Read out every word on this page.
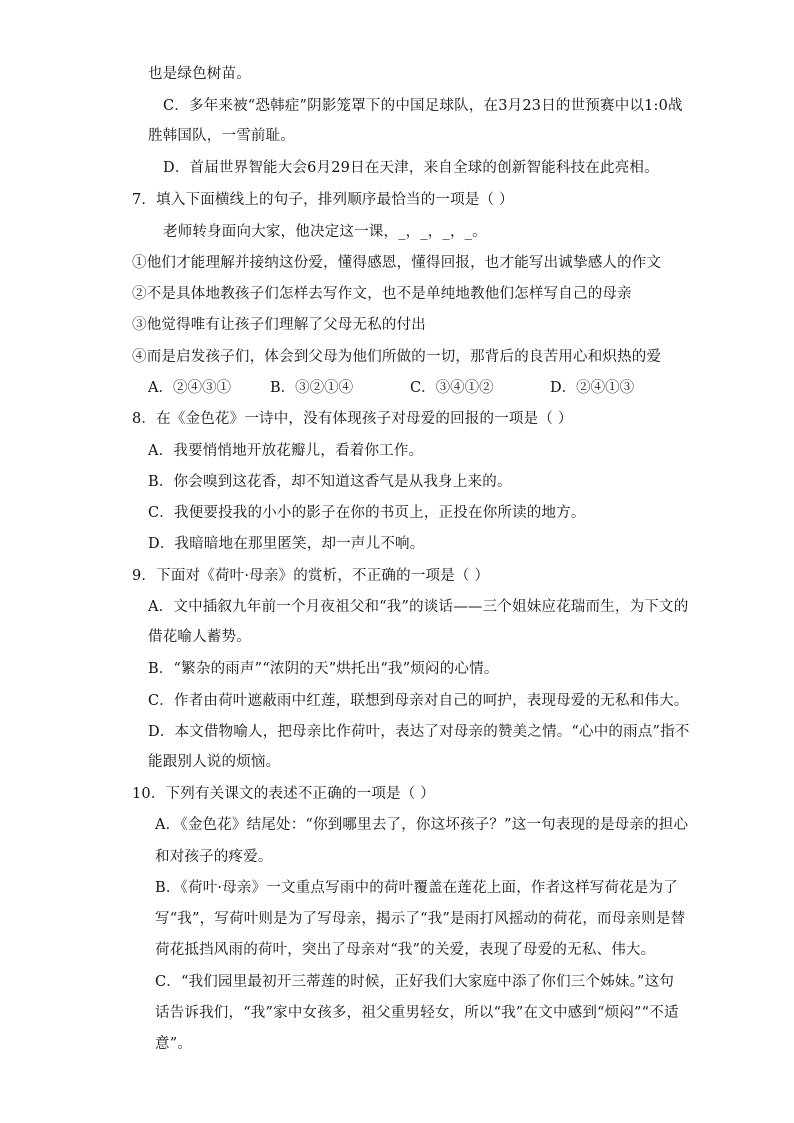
也是绿色树苗。
C．多年来被“恐韩症”阴影笼罩下的中国足球队，在3月23日的世预赛中以1:0战
胜韩国队，一雪前耻。
D．首届世界智能大会6月29日在天津，来自全球的创新智能科技在此亮相。
7．填入下面横线上的句子，排列顺序最恰当的一项是（ ）
老师转身面向大家，他决定这一课，_，_，_，_。
①他们才能理解并接纳这份爱，懂得感恩，懂得回报，也才能写出诚挚感人的作文
②不是具体地教孩子们怎样去写作文，也不是单纯地教他们怎样写自己的母亲
③他觉得唯有让孩子们理解了父母无私的付出
④而是启发孩子们，体会到父母为他们所做的一切，那背后的良苦用心和炽热的爱
A．②④③①	B．③②①④	C．③④①②	D．②④①③
8．在《金色花》一诗中，没有体现孩子对母爱的回报的一项是（ ）
A．我要悄悄地开放花瓣儿，看着你工作。
B．你会嗅到这花香，却不知道这香气是从我身上来的。
C．我便要投我的小小的影子在你的书页上，正投在你所读的地方。
D．我暗暗地在那里匿笑，却一声儿不响。
9．下面对《荷叶·母亲》的赏析，不正确的一项是（ ）
A．文中插叙九年前一个月夜祖父和“我”的谈话——三个姐妹应花瑞而生，为下文的
借花喻人蓄势。
B．“繁杂的雨声”“浓阴的天”烘托出“我”烦闷的心情。
C．作者由荷叶遮蔽雨中红莲，联想到母亲对自己的呵护，表现母爱的无私和伟大。
D．本文借物喻人，把母亲比作荷叶，表达了对母亲的赞美之情。“心中的雨点”指不
能跟别人说的烦恼。
10．下列有关课文的表述不正确的一项是（ ）
A．《金色花》结尾处：“你到哪里去了，你这坏孩子？”这一句表现的是母亲的担心
和对孩子的疼爱。
B．《荷叶·母亲》一文重点写雨中的荷叶覆盖在莲花上面，作者这样写荷花是为了
写“我”，写荷叶则是为了写母亲，揭示了“我”是雨打风摇动的荷花，而母亲则是替
荷花抵挡风雨的荷叶，突出了母亲对“我”的关爱，表现了母爱的无私、伟大。
C．“我们园里最初开三蒂莲的时候，正好我们大家庭中添了你们三个姊妹。”这句
话告诉我们，“我”家中女孩多，祖父重男轻女，所以“我”在文中感到“烦闷”“不适
意”。
